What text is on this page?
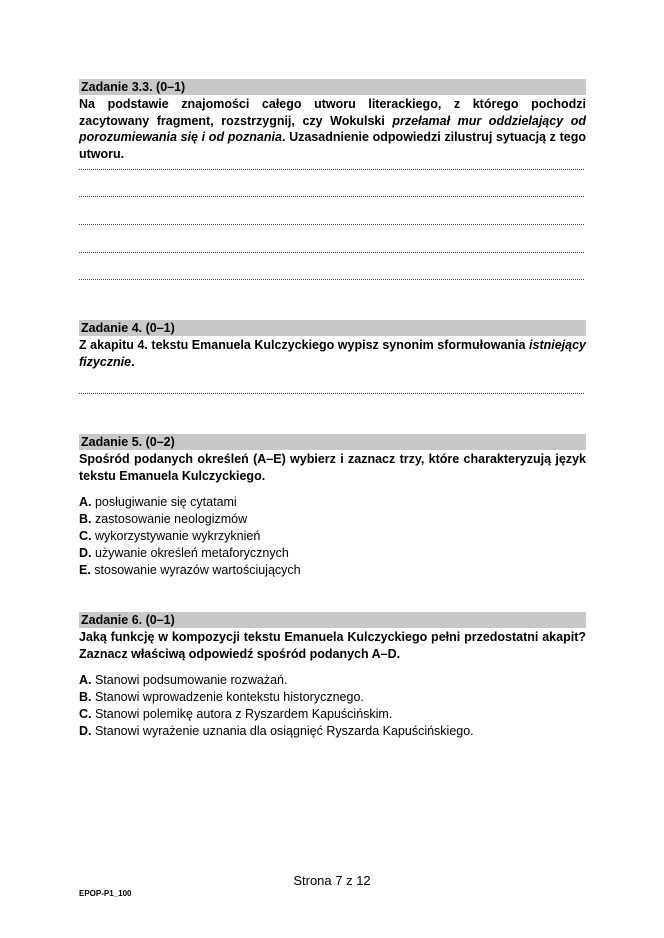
Zadanie 3.3. (0–1)
Na podstawie znajomości całego utworu literackiego, z którego pochodzi zacytowany fragment, rozstrzygnij, czy Wokulski przełamał mur oddzielający od porozumiewania się i od poznania. Uzasadnienie odpowiedzi zilustruj sytuacją z tego utworu.
Zadanie 4. (0–1)
Z akapitu 4. tekstu Emanuela Kulczyckiego wypisz synonim sformułowania istniejący fizycznie.
Zadanie 5. (0–2)
Spośród podanych określeń (A–E) wybierz i zaznacz trzy, które charakteryzują język tekstu Emanuela Kulczyckiego.
A. posługiwanie się cytatami
B. zastosowanie neologizmów
C. wykorzystywanie wykrzyknień
D. używanie określeń metaforycznych
E. stosowanie wyrazów wartościujących
Zadanie 6. (0–1)
Jaką funkcję w kompozycji tekstu Emanuela Kulczyckiego pełni przedostatni akapit? Zaznacz właściwą odpowiedź spośród podanych A–D.
A. Stanowi podsumowanie rozważań.
B. Stanowi wprowadzenie kontekstu historycznego.
C. Stanowi polemikę autora z Ryszardem Kapuścińskim.
D. Stanowi wyrażenie uznania dla osiągnięć Ryszarda Kapuścińskiego.
Strona 7 z 12
EPOP-P1_100
